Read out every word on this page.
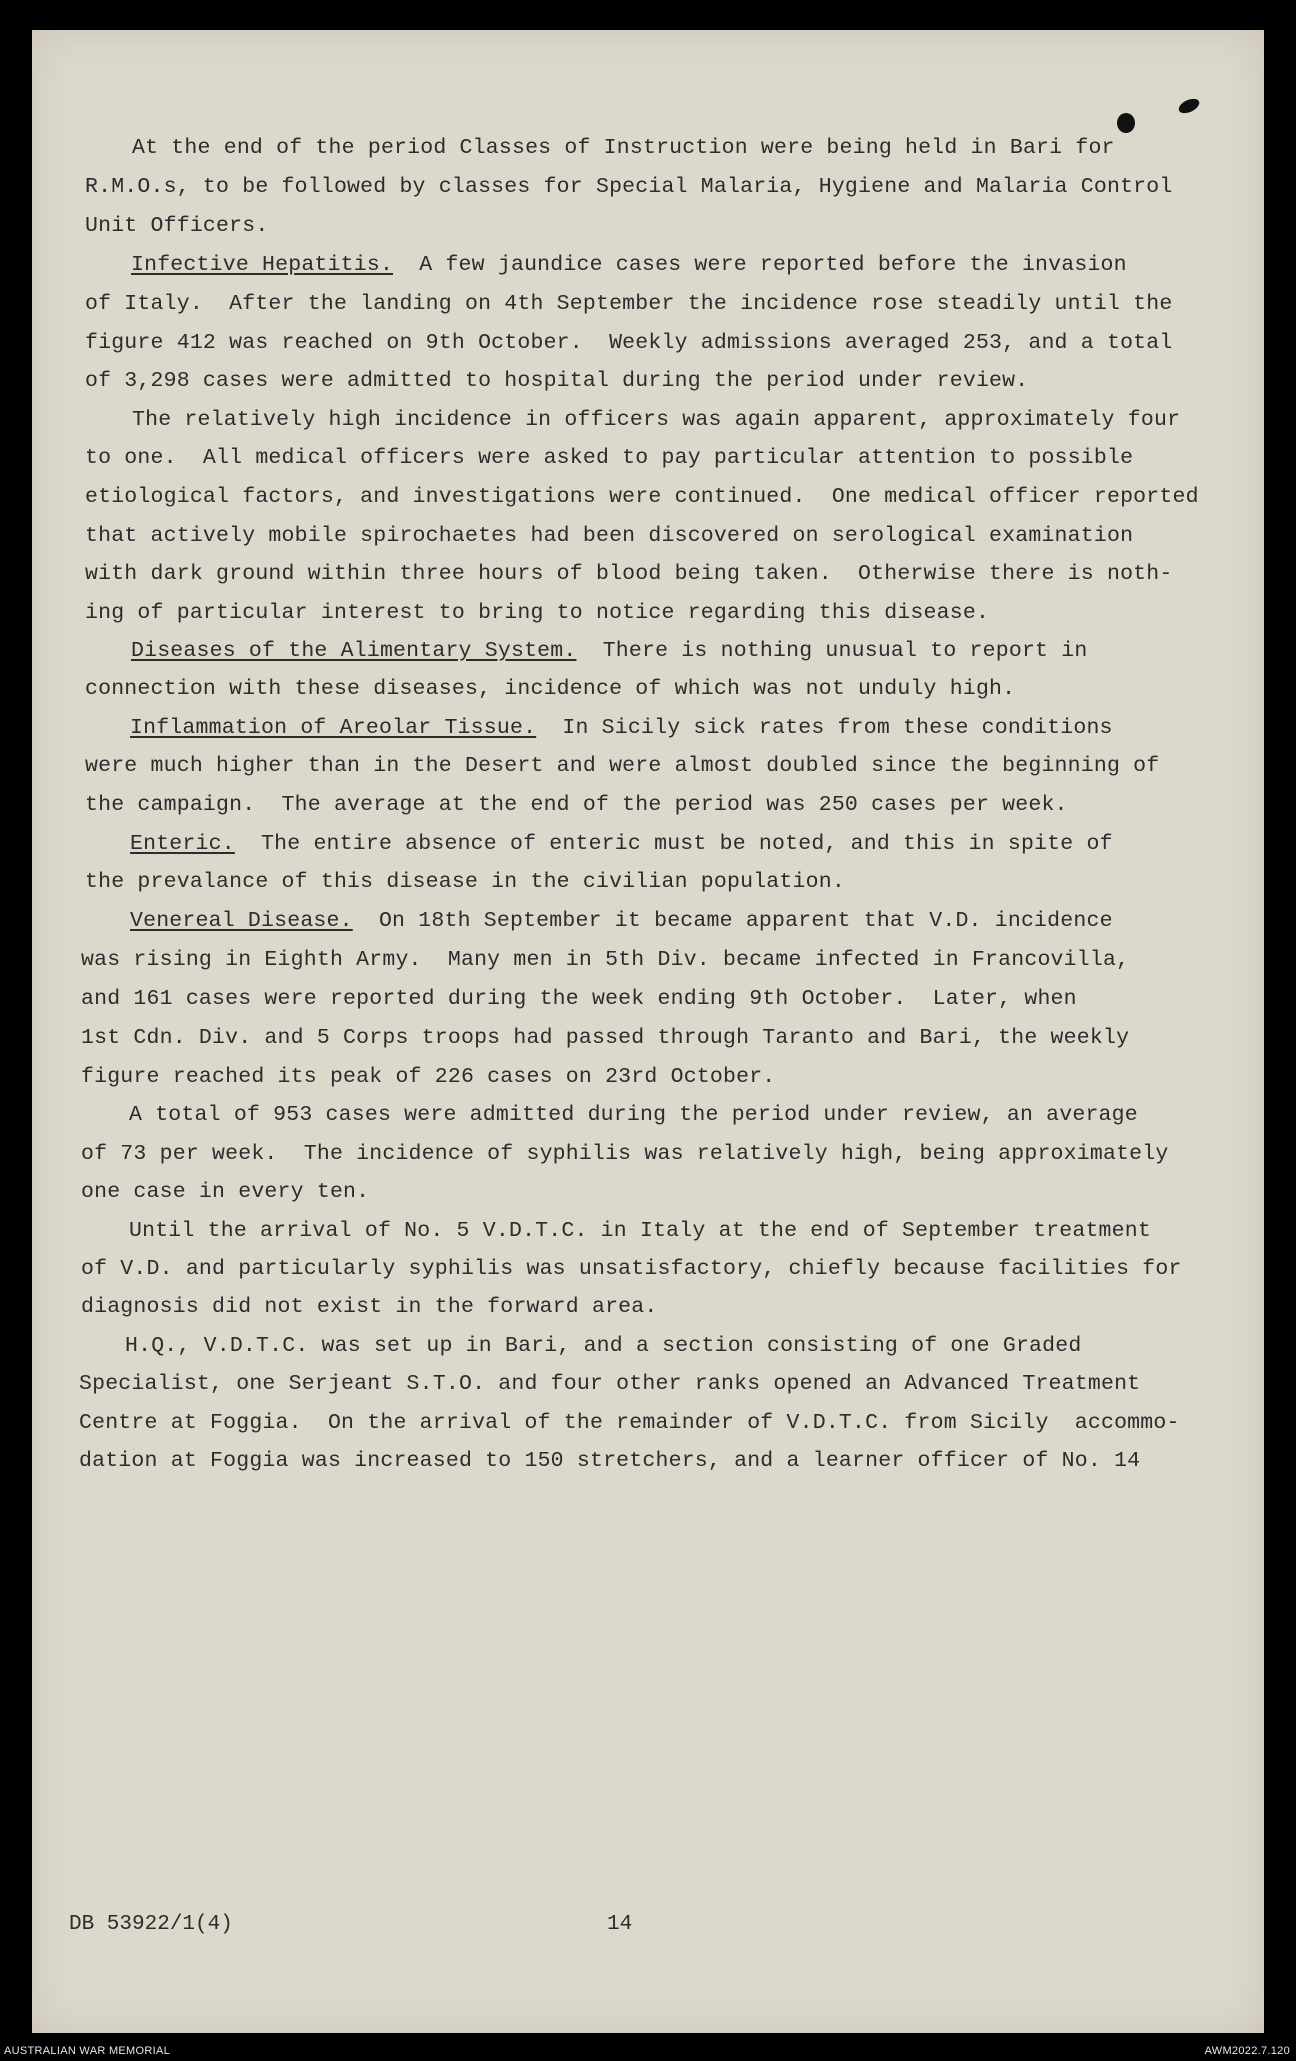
At the end of the period Classes of Instruction were being held in Bari for
R.M.O.s, to be followed by classes for Special Malaria, Hygiene and Malaria Control
Unit Officers.
Infective Hepatitis.  A few jaundice cases were reported before the invasion
of Italy.  After the landing on 4th September the incidence rose steadily until the
figure 412 was reached on 9th October.  Weekly admissions averaged 253, and a total
of 3,298 cases were admitted to hospital during the period under review.
The relatively high incidence in officers was again apparent, approximately four
to one.  All medical officers were asked to pay particular attention to possible
etiological factors, and investigations were continued.  One medical officer reported
that actively mobile spirochaetes had been discovered on serological examination
with dark ground within three hours of blood being taken.  Otherwise there is noth-
ing of particular interest to bring to notice regarding this disease.
Diseases of the Alimentary System.  There is nothing unusual to report in
connection with these diseases, incidence of which was not unduly high.
Inflammation of Areolar Tissue.  In Sicily sick rates from these conditions
were much higher than in the Desert and were almost doubled since the beginning of
the campaign.  The average at the end of the period was 250 cases per week.
Enteric.  The entire absence of enteric must be noted, and this in spite of
the prevalance of this disease in the civilian population.
Venereal Disease.  On 18th September it became apparent that V.D. incidence
was rising in Eighth Army.  Many men in 5th Div. became infected in Francovilla,
and 161 cases were reported during the week ending 9th October.  Later, when
1st Cdn. Div. and 5 Corps troops had passed through Taranto and Bari, the weekly
figure reached its peak of 226 cases on 23rd October.
A total of 953 cases were admitted during the period under review, an average
of 73 per week.  The incidence of syphilis was relatively high, being approximately
one case in every ten.
Until the arrival of No. 5 V.D.T.C. in Italy at the end of September treatment
of V.D. and particularly syphilis was unsatisfactory, chiefly because facilities for
diagnosis did not exist in the forward area.
H.Q., V.D.T.C. was set up in Bari, and a section consisting of one Graded
Specialist, one Serjeant S.T.O. and four other ranks opened an Advanced Treatment
Centre at Foggia.  On the arrival of the remainder of V.D.T.C. from Sicily  accommo-
dation at Foggia was increased to 150 stretchers, and a learner officer of No. 14
DB 53922/1(4)	14
AUSTRALIAN WAR MEMORIAL	AWM2022.7.120
